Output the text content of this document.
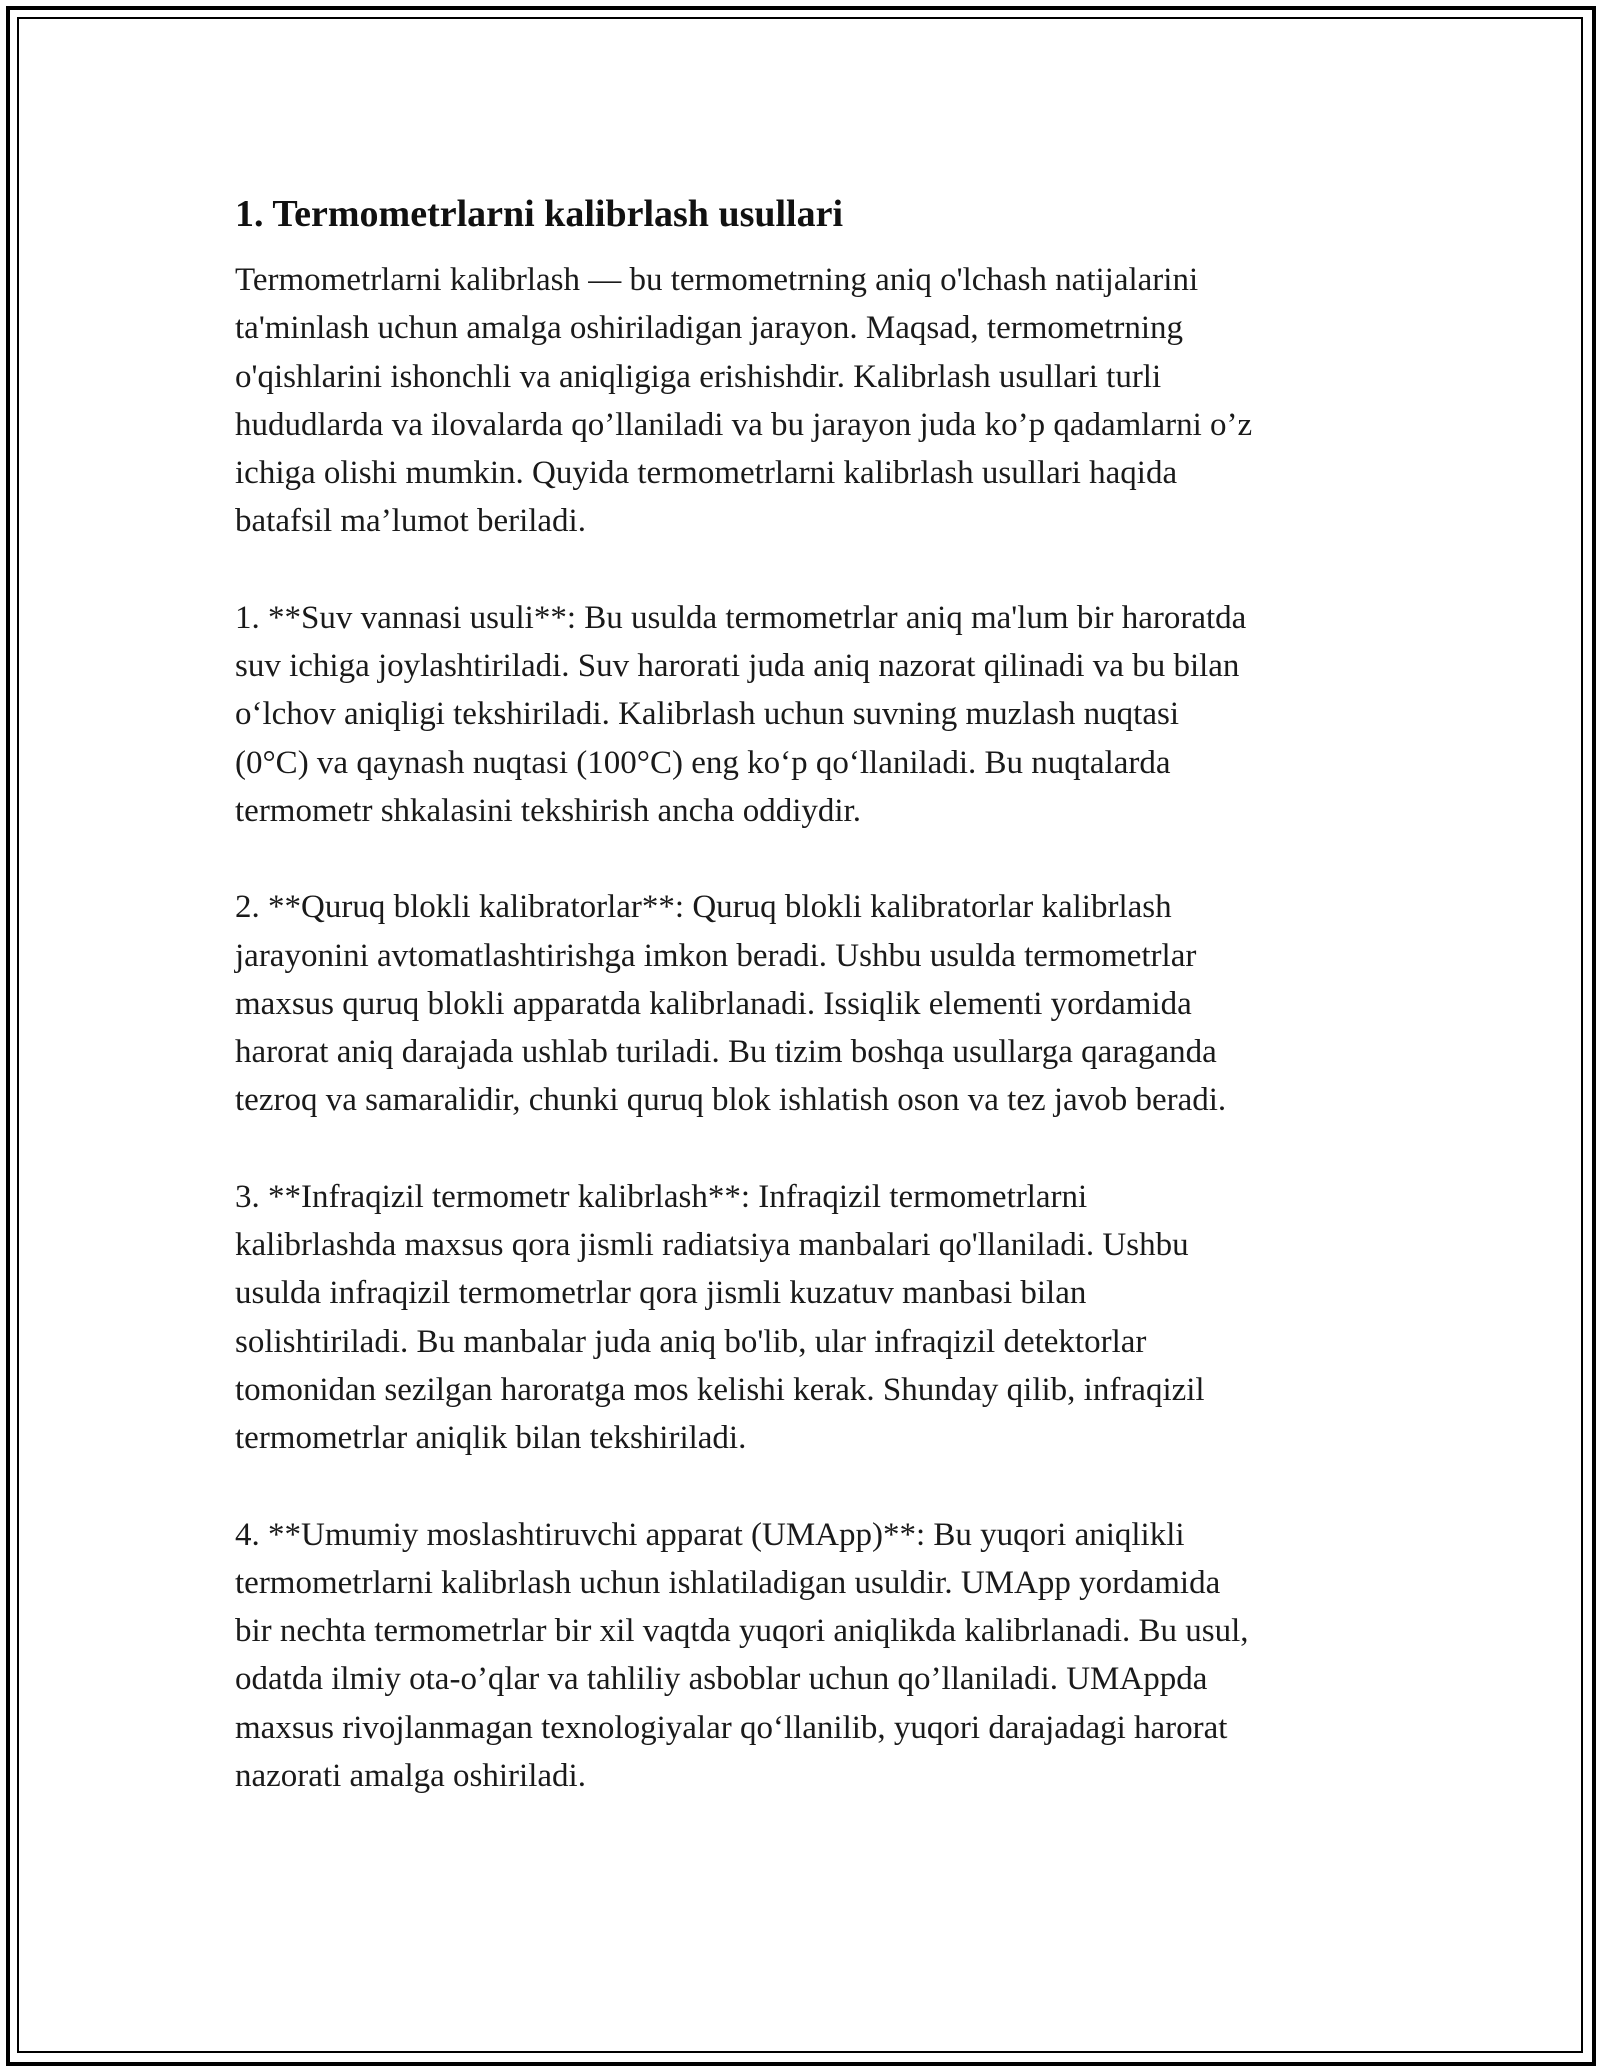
1. Termometrlarni kalibrlash usullari

Termometrlarni kalibrlash — bu termometrning aniq o'lchash natijalarini
ta'minlash uchun amalga oshiriladigan jarayon. Maqsad, termometrning
o'qishlarini ishonchli va aniqligiga erishishdir. Kalibrlash usullari turli
hududlarda va ilovalarda qo’llaniladi va bu jarayon juda ko’p qadamlarni o’z
ichiga olishi mumkin. Quyida termometrlarni kalibrlash usullari haqida
batafsil ma’lumot beriladi.

1. **Suv vannasi usuli**: Bu usulda termometrlar aniq ma'lum bir haroratda
suv ichiga joylashtiriladi. Suv harorati juda aniq nazorat qilinadi va bu bilan
o‘lchov aniqligi tekshiriladi. Kalibrlash uchun suvning muzlash nuqtasi
(0°C) va qaynash nuqtasi (100°C) eng ko‘p qo‘llaniladi. Bu nuqtalarda
termometr shkalasini tekshirish ancha oddiydir.

2. **Quruq blokli kalibratorlar**: Quruq blokli kalibratorlar kalibrlash
jarayonini avtomatlashtirishga imkon beradi. Ushbu usulda termometrlar
maxsus quruq blokli apparatda kalibrlanadi. Issiqlik elementi yordamida
harorat aniq darajada ushlab turiladi. Bu tizim boshqa usullarga qaraganda
tezroq va samaralidir, chunki quruq blok ishlatish oson va tez javob beradi.

3. **Infraqizil termometr kalibrlash**: Infraqizil termometrlarni
kalibrlashda maxsus qora jismli radiatsiya manbalari qo'llaniladi. Ushbu
usulda infraqizil termometrlar qora jismli kuzatuv manbasi bilan
solishtiriladi. Bu manbalar juda aniq bo'lib, ular infraqizil detektorlar
tomonidan sezilgan haroratga mos kelishi kerak. Shunday qilib, infraqizil
termometrlar aniqlik bilan tekshiriladi.

4. **Umumiy moslashtiruvchi apparat (UMApp)**: Bu yuqori aniqlikli
termometrlarni kalibrlash uchun ishlatiladigan usuldir. UMApp yordamida
bir nechta termometrlar bir xil vaqtda yuqori aniqlikda kalibrlanadi. Bu usul,
odatda ilmiy ota-o’qlar va tahliliy asboblar uchun qo’llaniladi. UMAppda
maxsus rivojlanmagan texnologiyalar qo‘llanilib, yuqori darajadagi harorat
nazorati amalga oshiriladi.
